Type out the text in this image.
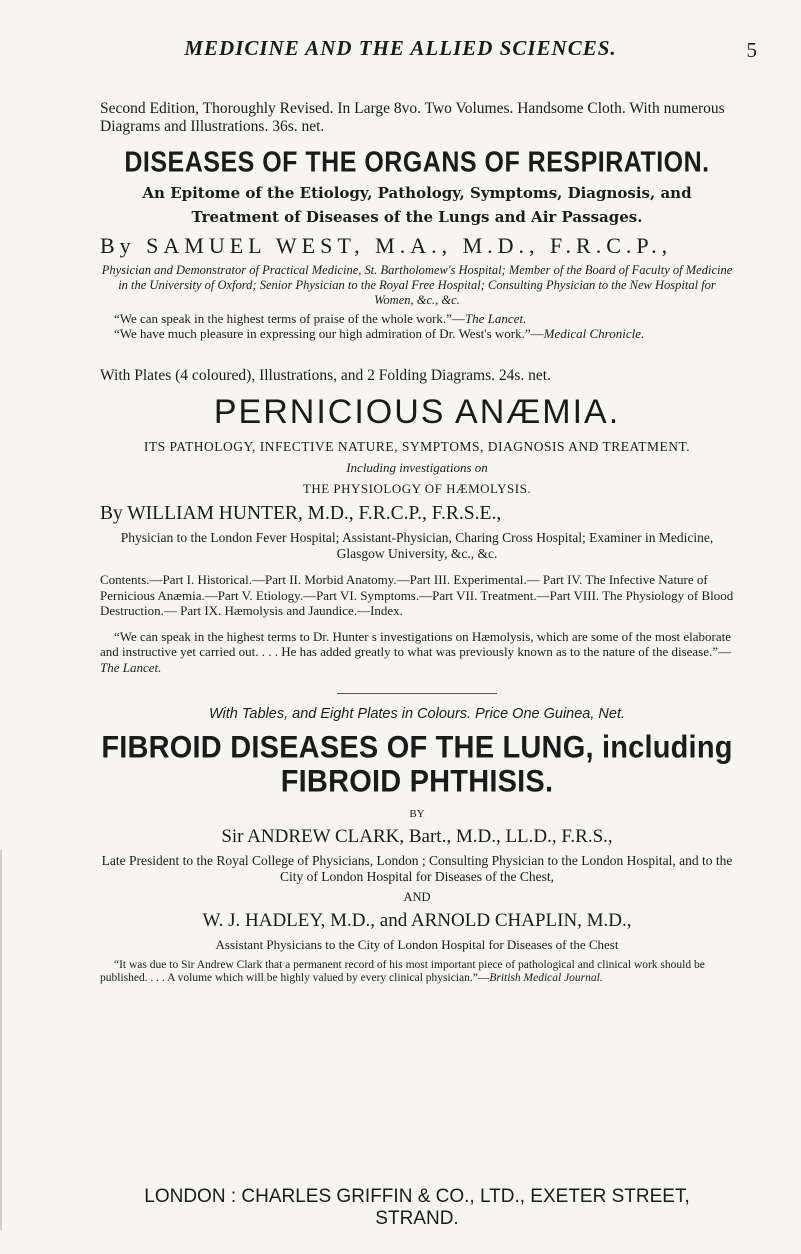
MEDICINE AND THE ALLIED SCIENCES.	5

Second Edition, Thoroughly Revised. In Large 8vo. Two Volumes. Handsome Cloth. With numerous Diagrams and Illustrations. 36s. net.

DISEASES OF THE ORGANS OF RESPIRATION.

An Epitome of the Etiology, Pathology, Symptoms, Diagnosis, and Treatment of Diseases of the Lungs and Air Passages.

By SAMUEL WEST, M.A., M.D., F.R.C.P.,

Physician and Demonstrator of Practical Medicine, St. Bartholomew's Hospital; Member of the Board of Faculty of Medicine in the University of Oxford; Senior Physician to the Royal Free Hospital; Consulting Physician to the New Hospital for Women, &c., &c.

“We can speak in the highest terms of praise of the whole work.”—The Lancet.

“We have much pleasure in expressing our high admiration of Dr. West's work.”—Medical Chronicle.

With Plates (4 coloured), Illustrations, and 2 Folding Diagrams. 24s. net.

PERNICIOUS ANÆMIA.

ITS PATHOLOGY, INFECTIVE NATURE, SYMPTOMS, DIAGNOSIS AND TREATMENT.

Including investigations on

THE PHYSIOLOGY OF HÆMOLYSIS.

By WILLIAM HUNTER, M.D., F.R.C.P., F.R.S.E.,

Physician to the London Fever Hospital; Assistant-Physician, Charing Cross Hospital; Examiner in Medicine, Glasgow University, &c., &c.

Contents.—Part I. Historical.—Part II. Morbid Anatomy.—Part III. Experimental.— Part IV. The Infective Nature of Pernicious Anæmia.—Part V. Etiology.—Part VI. Symptoms.—Part VII. Treatment.—Part VIII. The Physiology of Blood Destruction.— Part IX. Hæmolysis and Jaundice.—Index.

“We can speak in the highest terms to Dr. Hunter s investigations on Hæmolysis, which are some of the most elaborate and instructive yet carried out. . . . He has added greatly to what was previously known as to the nature of the disease.”—The Lancet.

With Tables, and Eight Plates in Colours. Price One Guinea, Net.

FIBROID DISEASES OF THE LUNG, including

FIBROID PHTHISIS.

BY

Sir ANDREW CLARK, Bart., M.D., LL.D., F.R.S.,

Late President to the Royal College of Physicians, London ; Consulting Physician to the London Hospital, and to the City of London Hospital for Diseases of the Chest,

AND

W. J. HADLEY, M.D., and ARNOLD CHAPLIN, M.D.,

Assistant Physicians to the City of London Hospital for Diseases of the Chest

“It was due to Sir Andrew Clark that a permanent record of his most important piece of pathological and clinical work should be published. . . . A volume which will be highly valued by every clinical physician.”—British Medical Journal.

LONDON : CHARLES GRIFFIN & CO., LTD., EXETER STREET, STRAND.
